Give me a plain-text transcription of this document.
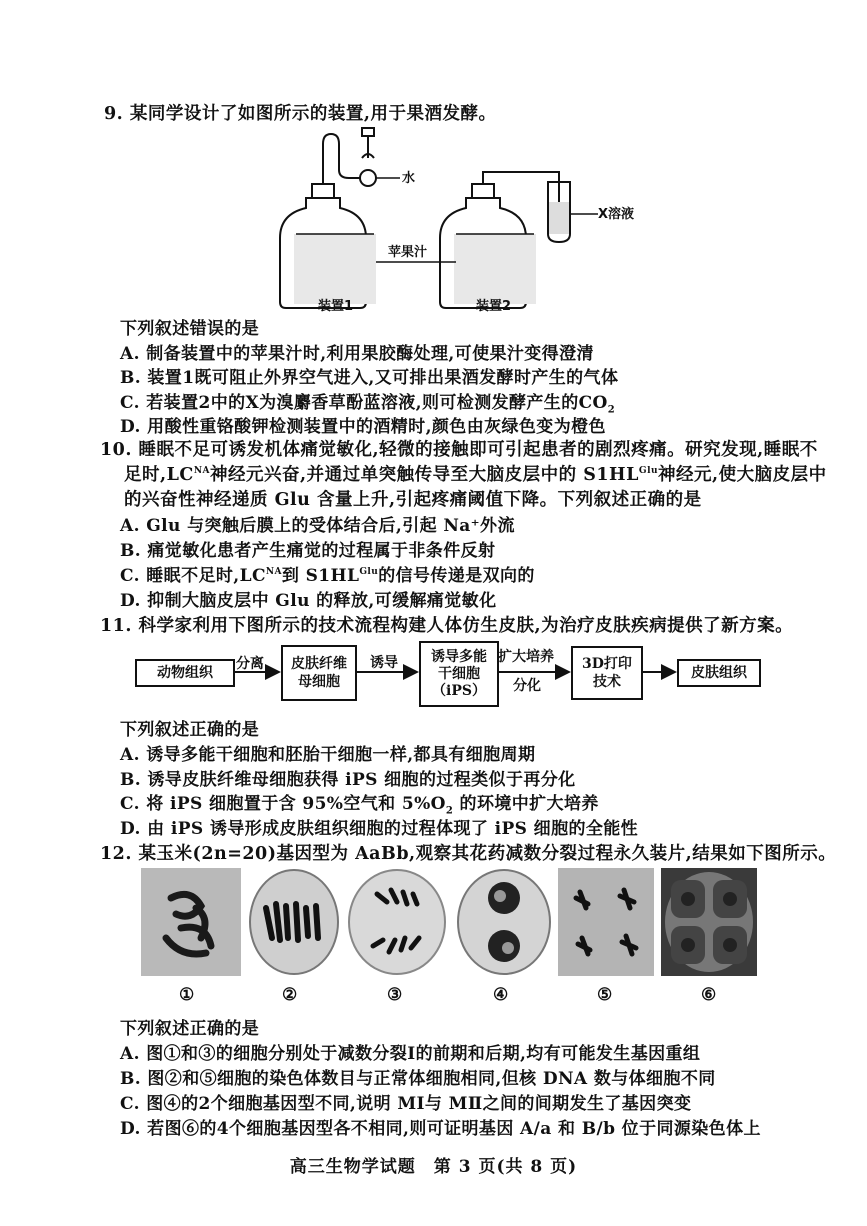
9. 某同学设计了如图所示的装置,用于果酒发酵。
水
X溶液
苹果汁
装置1	装置2
下列叙述错误的是
A. 制备装置中的苹果汁时,利用果胶酶处理,可使果汁变得澄清
B. 装置1既可阻止外界空气进入,又可排出果酒发酵时产生的气体
C. 若装置2中的X为溴麝香草酚蓝溶液,则可检测发酵产生的$CO_2$
D. 用酸性重铬酸钾检测装置中的酒精时,颜色由灰绿色变为橙色
10. 睡眠不足可诱发机体痛觉敏化,轻微的接触即可引起患者的剧烈疼痛。研究发现,睡眠不
足时$,LC^{NA}$神经元兴奋,并通过单突触传导至大脑皮层中的 $S1HL^{Glu}$神经元,使大脑皮层中
的兴奋性神经递质 Glu 含量上升,引起疼痛阈值下降。下列叙述正确的是
A. Glu 与突触后膜上的受体结合后,引起 Na⁺外流
B. 痛觉敏化患者产生痛觉的过程属于非条件反射
C. 睡眠不足时$,LC^{NA}$到 $S1HL^{Glu}$的信号传递是双向的
D. 抑制大脑皮层中 Glu 的释放,可缓解痛觉敏化
11. 科学家利用下图所示的技术流程构建人体仿生皮肤,为治疗皮肤疾病提供了新方案。
动物组织
分离 皮肤纤维
母细胞
诱导 诱导多能
干细胞
（iPS）
扩大培养
分化
3D打印
技术
皮肤组织
下列叙述正确的是
A. 诱导多能干细胞和胚胎干细胞一样,都具有细胞周期
B. 诱导皮肤纤维母细胞获得 iPS 细胞的过程类似于再分化
C. 将 iPS 细胞置于含 95%空气和 $5\%O_2$ 的环境中扩大培养
D. 由 iPS 诱导形成皮肤组织细胞的过程体现了 iPS 细胞的全能性
12. 某玉米(2n=20)基因型为 AaBb,观察其花药减数分裂过程永久装片,结果如下图所示。
①	②	③	④	⑤	⑥
下列叙述正确的是
A. 图①和③的细胞分别处于减数分裂Ⅰ的前期和后期,均有可能发生基因重组
B. 图②和⑤细胞的染色体数目与正常体细胞相同,但核 DNA 数与体细胞不同
C. 图④的2个细胞基因型不同,说明 MⅠ与 MⅡ之间的间期发生了基因突变
D. 若图⑥的4个细胞基因型各不相同,则可证明基因 A/a 和 B/b 位于同源染色体上
高三生物学试题　第 3 页(共 8 页)
